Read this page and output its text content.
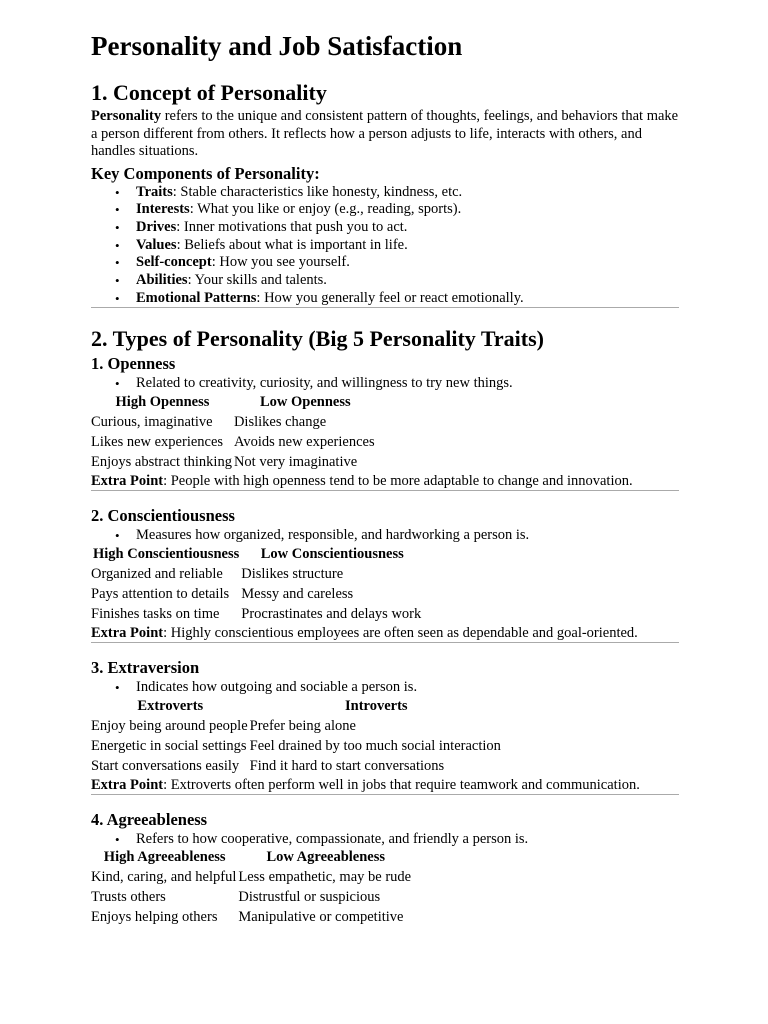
Personality and Job Satisfaction
1. Concept of Personality

Personality refers to the unique and consistent pattern of thoughts, feelings, and behaviors that make a person different from others. It reflects how a person adjusts to life, interacts with others, and handles situations.

Key Components of Personality:
• Traits: Stable characteristics like honesty, kindness, etc.
• Interests: What you like or enjoy (e.g., reading, sports).
• Drives: Inner motivations that push you to act.
• Values: Beliefs about what is important in life.
• Self-concept: How you see yourself.
• Abilities: Your skills and talents.
• Emotional Patterns: How you generally feel or react emotionally.
2. Types of Personality (Big 5 Personality Traits)
1. Openness
• Related to creativity, curiosity, and willingness to try new things.
High Openness	Low Openness
Curious, imaginative	Dislikes change
Likes new experiences	Avoids new experiences
Enjoys abstract thinking	Not very imaginative

Extra Point: People with high openness tend to be more adaptable to change and innovation.

2. Conscientiousness
• Measures how organized, responsible, and hardworking a person is.
High Conscientiousness	Low Conscientiousness
Organized and reliable	Dislikes structure
Pays attention to details	Messy and careless
Finishes tasks on time	Procrastinates and delays work

Extra Point: Highly conscientious employees are often seen as dependable and goal-oriented.

3. Extraversion
• Indicates how outgoing and sociable a person is.
Extroverts	Introverts
Enjoy being around people	Prefer being alone
Energetic in social settings	Feel drained by too much social interaction
Start conversations easily	Find it hard to start conversations

Extra Point: Extroverts often perform well in jobs that require teamwork and communication.

4. Agreeableness
• Refers to how cooperative, compassionate, and friendly a person is.
High Agreeableness	Low Agreeableness
Kind, caring, and helpful	Less empathetic, may be rude
Trusts others	Distrustful or suspicious
Enjoys helping others	Manipulative or competitive
